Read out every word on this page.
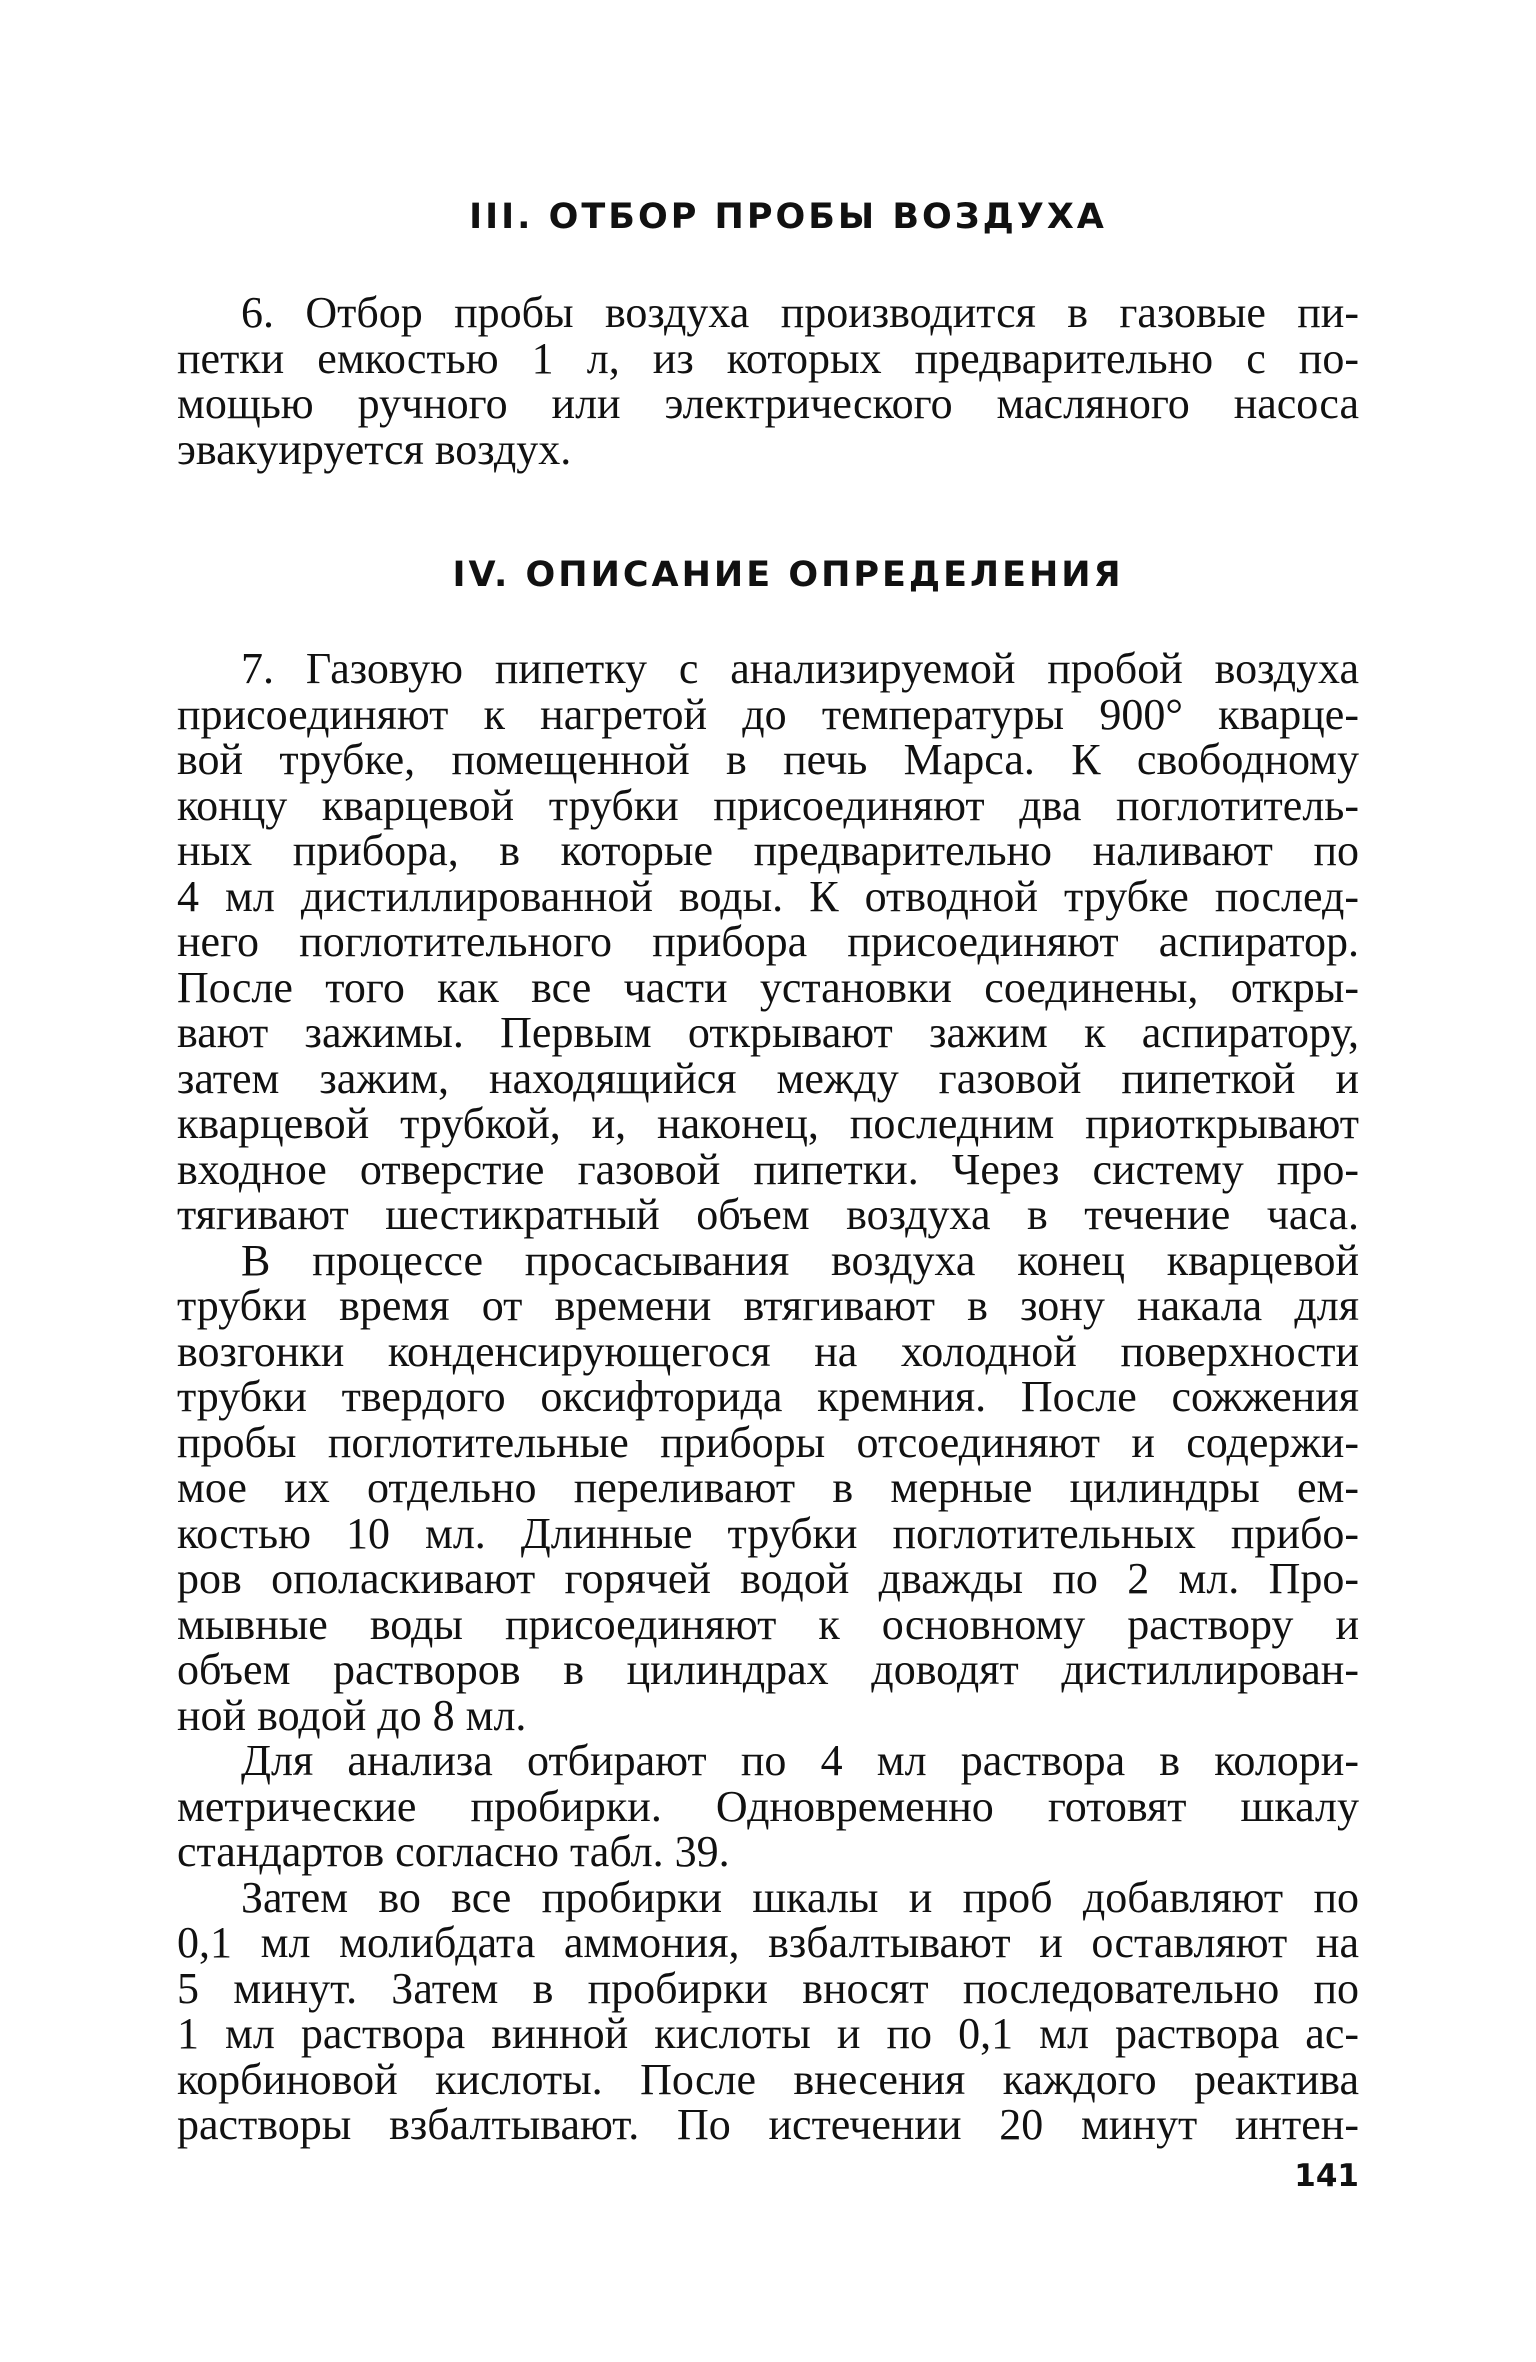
III. ОТБОР ПРОБЫ ВОЗДУХА

6. Отбор пробы воздуха производится в газовые пи-
петки емкостью 1 л, из которых предварительно с по-
мощью ручного или электрического масляного насоса
эвакуируется воздух.

IV. ОПИСАНИЕ ОПРЕДЕЛЕНИЯ

7. Газовую пипетку с анализируемой пробой воздуха
присоединяют к нагретой до температуры 900° кварце-
вой трубке, помещенной в печь Марса. К свободному
концу кварцевой трубки присоединяют два поглотитель-
ных прибора, в которые предварительно наливают по
4 мл дистиллированной воды. К отводной трубке послед-
него поглотительного прибора присоединяют аспиратор.
После того как все части установки соединены, откры-
вают зажимы. Первым открывают зажим к аспиратору,
затем зажим, находящийся между газовой пипеткой и
кварцевой трубкой, и, наконец, последним приоткрывают
входное отверстие газовой пипетки. Через систему про-
тягивают шестикратный объем воздуха в течение часа.
В процессе просасывания воздуха конец кварцевой
трубки время от времени втягивают в зону накала для
возгонки конденсирующегося на холодной поверхности
трубки твердого оксифторида кремния. После сожжения
пробы поглотительные приборы отсоединяют и содержи-
мое их отдельно переливают в мерные цилиндры ем-
костью 10 мл. Длинные трубки поглотительных прибо-
ров ополаскивают горячей водой дважды по 2 мл. Про-
мывные воды присоединяют к основному раствору и
объем растворов в цилиндрах доводят дистиллирован-
ной водой до 8 мл.
Для анализа отбирают по 4 мл раствора в колори-
метрические пробирки. Одновременно готовят шкалу
стандартов согласно табл. 39.
Затем во все пробирки шкалы и проб добавляют по
0,1 мл молибдата аммония, взбалтывают и оставляют на
5 минут. Затем в пробирки вносят последовательно по
1 мл раствора винной кислоты и по 0,1 мл раствора ас-
корбиновой кислоты. После внесения каждого реактива
растворы взбалтывают. По истечении 20 минут интен-

141
